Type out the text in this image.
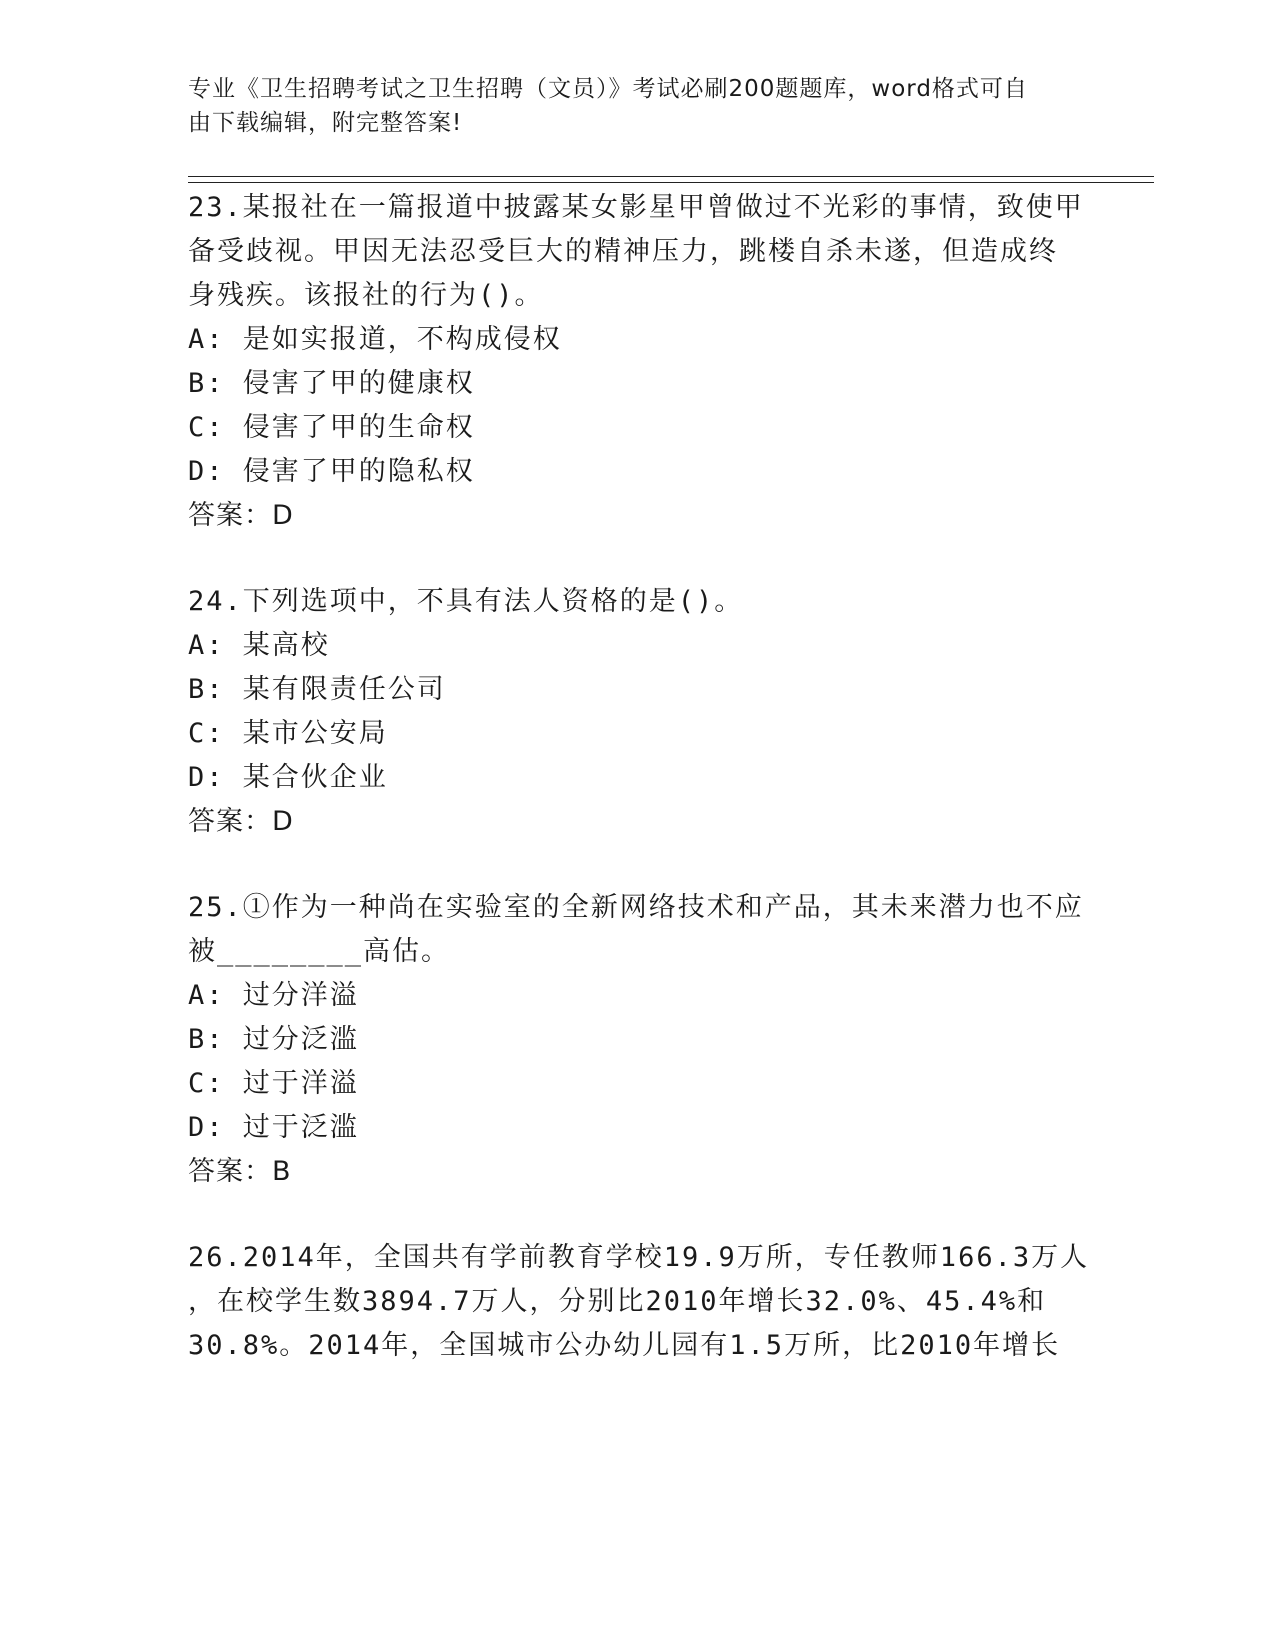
专业《卫生招聘考试之卫生招聘（文员）》考试必刷200题题库，word格式可自
由下载编辑，附完整答案!
23.某报社在一篇报道中披露某女影星甲曾做过不光彩的事情，致使甲
备受歧视。甲因无法忍受巨大的精神压力，跳楼自杀未遂，但造成终
身残疾。该报社的行为()。
A: 是如实报道，不构成侵权
B: 侵害了甲的健康权
C: 侵害了甲的生命权
D: 侵害了甲的隐私权
答案：D
24.下列选项中，不具有法人资格的是()。
A: 某高校
B: 某有限责任公司
C: 某市公安局
D: 某合伙企业
答案：D
25.①作为一种尚在实验室的全新网络技术和产品，其未来潜力也不应
被________高估。
A: 过分洋溢
B: 过分泛滥
C: 过于洋溢
D: 过于泛滥
答案：B
26.2014年，全国共有学前教育学校19.9万所，专任教师166.3万人
，在校学生数3894.7万人，分别比2010年增长32.0%、45.4%和
30.8%。2014年，全国城市公办幼儿园有1.5万所，比2010年增长
